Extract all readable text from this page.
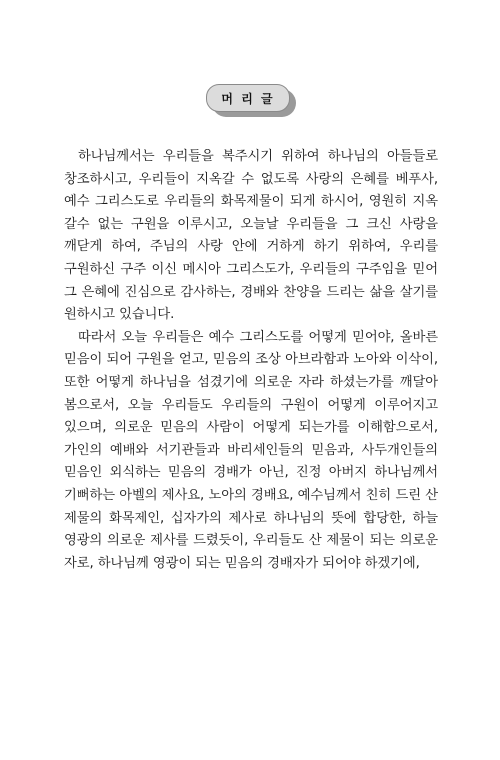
머 리 글

하나님께서는 우리들을 복주시기 위하여 하나님의 아들들로 창조하시고, 우리들이 지옥갈 수 없도록 사랑의 은혜를 베푸사, 예수 그리스도로 우리들의 화목제물이 되게 하시어, 영원히 지옥 갈수 없는 구원을 이루시고, 오늘날 우리들을 그 크신 사랑을 깨닫게 하여, 주님의 사랑 안에 거하게 하기 위하여, 우리를 구원하신 구주 이신 메시아 그리스도가, 우리들의 구주임을 믿어 그 은혜에 진심으로 감사하는, 경배와 찬양을 드리는 삶을 살기를 원하시고 있습니다.

따라서 오늘 우리들은 예수 그리스도를 어떻게 믿어야, 올바른 믿음이 되어 구원을 얻고, 믿음의 조상 아브라함과 노아와 이삭이, 또한 어떻게 하나님을 섬겼기에 의로운 자라 하셨는가를 깨달아 봄으로서, 오늘 우리들도 우리들의 구원이 어떻게 이루어지고 있으며, 의로운 믿음의 사람이 어떻게 되는가를 이해함으로서, 가인의 예배와 서기관들과 바리세인들의 믿음과, 사두개인들의 믿음인 외식하는 믿음의 경배가 아닌, 진정 아버지 하나님께서 기뻐하는 아벨의 제사요, 노아의 경배요, 예수님께서 친히 드린 산 제물의 화목제인, 십자가의 제사로 하나님의 뜻에 합당한, 하늘 영광의 의로운 제사를 드렸듯이, 우리들도 산 제물이 되는 의로운 자로, 하나님께 영광이 되는 믿음의 경배자가 되어야 하겠기에,
